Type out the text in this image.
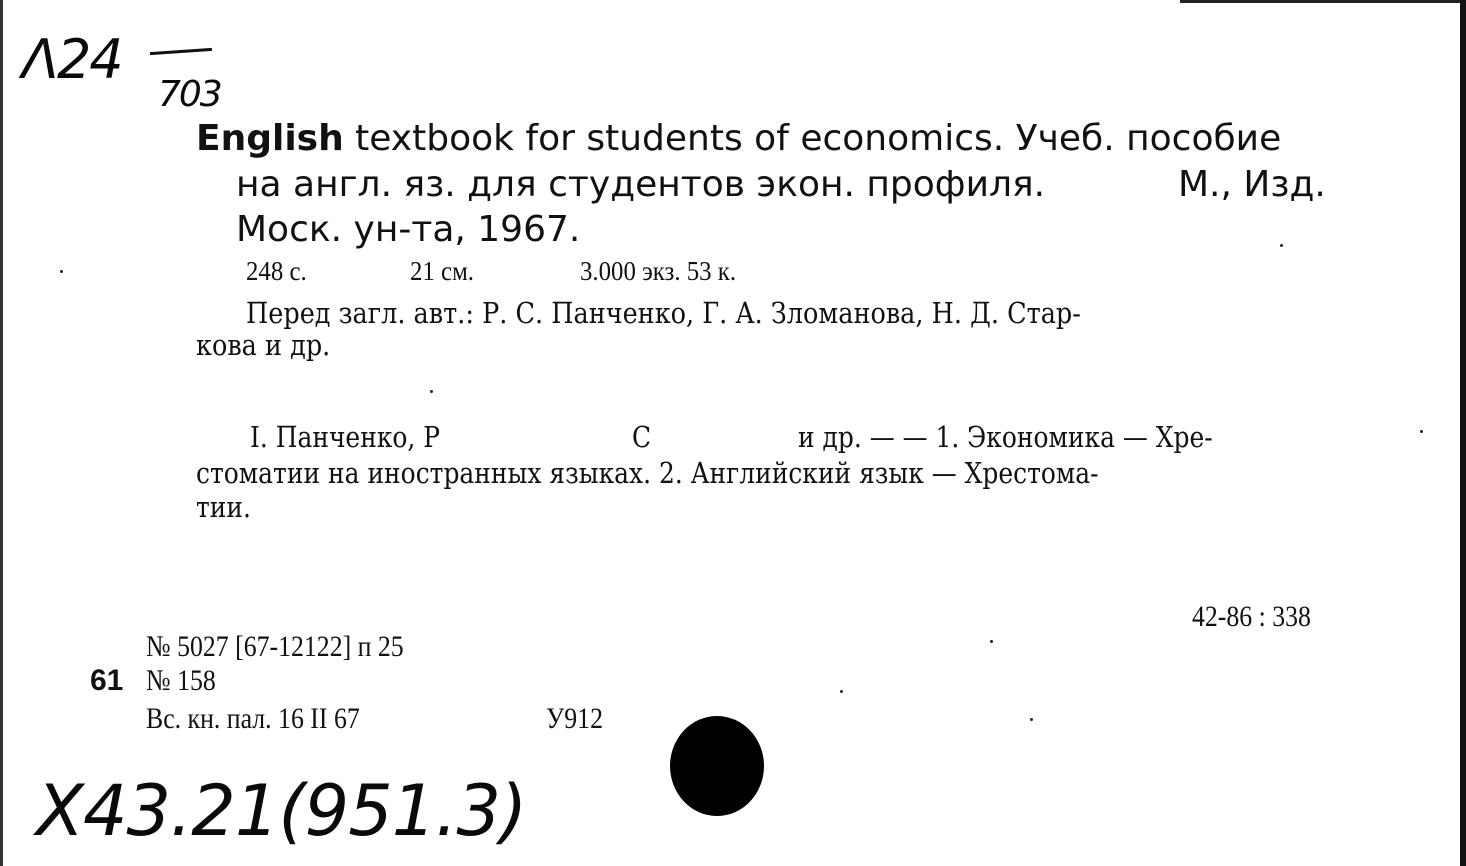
Λ24
703
English textbook for students of economics. Учеб. пособие
на англ. яз. для студентов экон. профиля.	М., Изд.
Моск. ун-та, 1967.
248 с.	21 см.	3.000 экз. 53 к.
Перед загл. авт.: Р. С. Панченко, Г. А. Зломанова, Н. Д. Стар-
кова и др.
I. Панченко, Р	С	и др. — — 1. Экономика — Хре-
стоматии на иностранных языках. 2. Английский язык — Хрестома-
тии.
42-86 : 338
№ 5027 [67-12122] п 25
61 № 158
Вс. кн. пал. 16 II 67	У912
X43.21(951.3)
